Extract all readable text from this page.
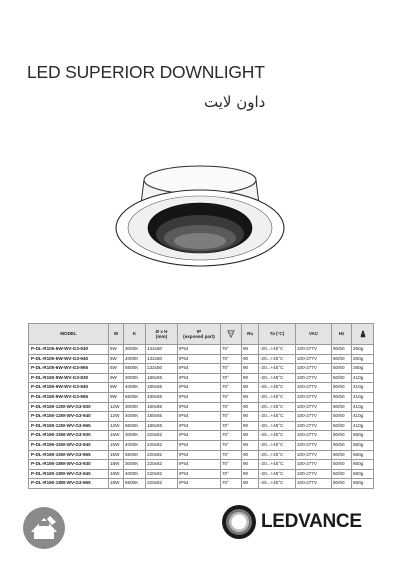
LED SUPERIOR DOWNLIGHT
داون لايت
MODEL	W	K	Ø x H
(mm)	IP
(exposed part)		Ra	Ta (°C)	VAC	Hz	
P-DL-R105-6W-WV-G3-930	6W	3000K	132x50	IP54	70°	90	-20...+45°C	100-277V	50/60	260g
P-DL-R105-6W-WV-G3-940	6W	4000K	132x50	IP54	70°	90	-20...+45°C	100-277V	50/60	260g
P-DL-R105-6W-WV-G3-965	6W	6500K	132x50	IP54	70°	90	-20...+45°C	100-277V	50/60	260g
P-DL-R150-9W-WV-G3-930	9W	3000K	180x65	IP54	70°	90	-20...+45°C	100-277V	50/60	410g
P-DL-R150-9W-WV-G3-940	9W	4000K	180x65	IP54	70°	90	-20...+45°C	100-277V	50/60	410g
P-DL-R150-9W-WV-G3-965	9W	6500K	180x65	IP54	70°	90	-20...+45°C	100-277V	50/60	410g
P-DL-R150-12W-WV-G3-930	12W	3000K	180x65	IP54	70°	90	-20...+45°C	100-277V	50/60	410g
P-DL-R150-12W-WV-G3-940	12W	4000K	180x65	IP54	70°	90	-20...+45°C	100-277V	50/60	410g
P-DL-R150-12W-WV-G3-965	12W	6500K	180x65	IP54	70°	90	-20...+45°C	100-277V	50/60	410g
P-DL-R190-15W-WV-G3-930	15W	3000K	220x82	IP54	70°	90	-20...+45°C	100-277V	50/60	660g
P-DL-R190-15W-WV-G3-940	15W	4000K	220x82	IP54	70°	90	-20...+45°C	100-277V	50/60	660g
P-DL-R190-15W-WV-G3-965	15W	6500K	220x82	IP54	70°	90	-20...+45°C	100-277V	50/60	660g
P-DL-R190-18W-WV-G3-930	18W	3000K	220x82	IP54	70°	90	-20...+45°C	100-277V	50/60	660g
P-DL-R190-18W-WV-G3-940	18W	4000K	220x82	IP54	70°	90	-20...+45°C	100-277V	50/60	660g
P-DL-R190-18W-WV-G3-965	18W	6500K	220x82	IP54	70°	90	-20...+45°C	100-277V	50/60	660g
LEDVANCE
